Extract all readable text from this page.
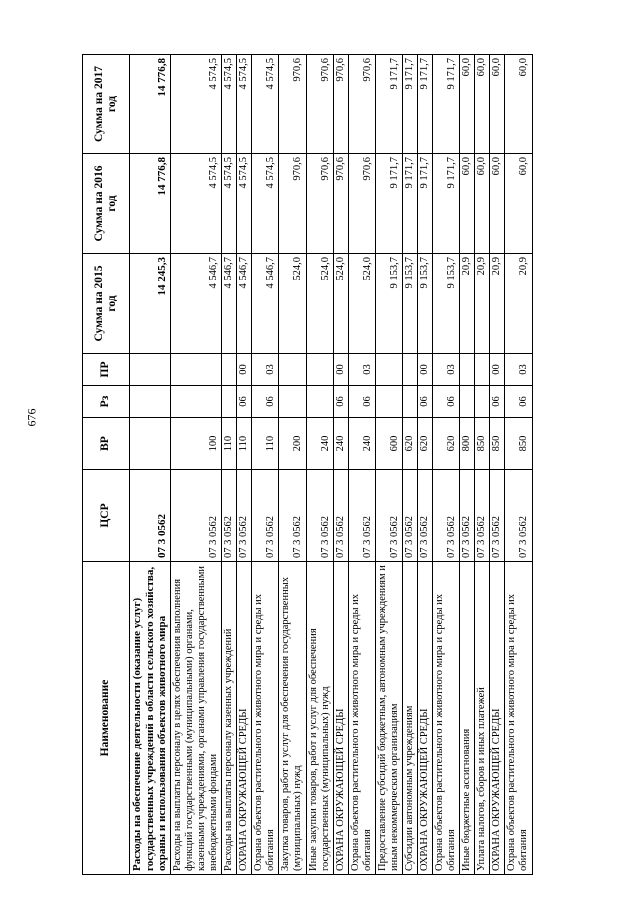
676
Наименование	ЦСР	ВР	Рз	ПР	Сумма на 2015 год	Сумма на 2016 год	Сумма на 2017 год
Расходы на обеспечение деятельности (оказание услуг) государственных учреждений в области сельского хозяйства, охраны и использования объектов животного мира	07 3 0562				14 245,3	14 776,8	14 776,8
Расходы на выплаты персоналу в целях обеспечения выполнения функций государственными (муниципальными) органами, казенными учреждениями, органами управления государственными внебюджетными фондами	07 3 0562	100			4 546,7	4 574,5	4 574,5
Расходы на выплаты персоналу казенных учреждений	07 3 0562	110			4 546,7	4 574,5	4 574,5
ОХРАНА ОКРУЖАЮЩЕЙ СРЕДЫ	07 3 0562	110	06	00	4 546,7	4 574,5	4 574,5
Охрана объектов растительного и животного мира и среды их обитания	07 3 0562	110	06	03	4 546,7	4 574,5	4 574,5
Закупка товаров, работ и услуг для обеспечения государственных (муниципальных) нужд	07 3 0562	200			524,0	970,6	970,6
Иные закупки товаров, работ и услуг для обеспечения государственных (муниципальных) нужд	07 3 0562	240			524,0	970,6	970,6
ОХРАНА ОКРУЖАЮЩЕЙ СРЕДЫ	07 3 0562	240	06	00	524,0	970,6	970,6
Охрана объектов растительного и животного мира и среды их обитания	07 3 0562	240	06	03	524,0	970,6	970,6
Предоставление субсидий бюджетным, автономным учреждениям и иным некоммерческим организациям	07 3 0562	600			9 153,7	9 171,7	9 171,7
Субсидии автономным учреждениям	07 3 0562	620			9 153,7	9 171,7	9 171,7
ОХРАНА ОКРУЖАЮЩЕЙ СРЕДЫ	07 3 0562	620	06	00	9 153,7	9 171,7	9 171,7
Охрана объектов растительного и животного мира и среды их обитания	07 3 0562	620	06	03	9 153,7	9 171,7	9 171,7
Иные бюджетные ассигнования	07 3 0562	800			20,9	60,0	60,0
Уплата налогов, сборов и иных платежей	07 3 0562	850			20,9	60,0	60,0
ОХРАНА ОКРУЖАЮЩЕЙ СРЕДЫ	07 3 0562	850	06	00	20,9	60,0	60,0
Охрана объектов растительного и животного мира и среды их обитания	07 3 0562	850	06	03	20,9	60,0	60,0
